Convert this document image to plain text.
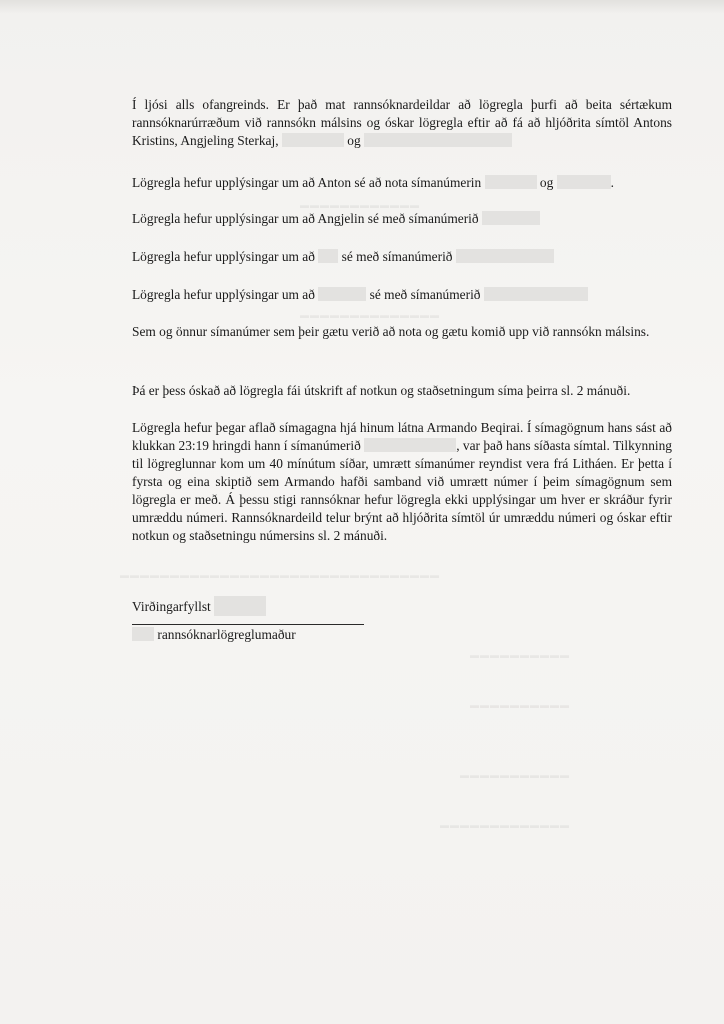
▬▬▬▬▬▬▬▬▬▬▬▬
▬▬▬▬▬▬▬▬▬▬▬▬▬▬
▬▬▬▬▬▬▬▬▬▬▬▬▬▬▬▬▬▬▬▬▬▬▬▬▬▬▬▬▬▬▬▬
▬▬▬▬▬▬▬▬▬▬
▬▬▬▬▬▬▬▬▬▬
▬▬▬▬▬▬▬▬▬▬▬
▬▬▬▬▬▬▬▬▬▬▬▬▬

Í ljósi alls ofangreinds. Er það mat rannsóknardeildar að lögregla þurfi að beita sértækum rannsóknarúrræðum við rannsókn málsins og óskar lögregla eftir að fá að hljóðrita símtöl Antons Kristins, Angjeling Sterkaj,	og

Lögregla hefur upplýsingar um að Anton sé að nota símanúmerin	og	.

Lögregla hefur upplýsingar um að Angjelin sé með símanúmerið

Lögregla hefur upplýsingar um að sé með símanúmerið

Lögregla hefur upplýsingar um að	sé með símanúmerið

Sem og önnur símanúmer sem þeir gætu verið að nota og gætu komið upp við rannsókn málsins.

Þá er þess óskað að lögregla fái útskrift af notkun og staðsetningum síma þeirra sl. 2 mánuði.

Lögregla hefur þegar aflað símagagna hjá hinum látna Armando Beqirai. Í símagögnum hans sást að klukkan 23:19 hringdi hann í símanúmerið	, var það hans síðasta símtal. Tilkynning til lögreglunnar kom um 40 mínútum síðar, umrætt símanúmer reyndist vera frá Litháen. Er þetta í fyrsta og eina skiptið sem Armando hafði samband við umrætt númer í þeim símagögnum sem lögregla er með. Á þessu stigi rannsóknar hefur lögregla ekki upplýsingar um hver er skráður fyrir umræddu númeri. Rannsóknardeild telur brýnt að hljóðrita símtöl úr umræddu númeri og óskar eftir notkun og staðsetningu númersins sl. 2 mánuði.

Virðingarfyllst
rannsóknarlögreglumaður
